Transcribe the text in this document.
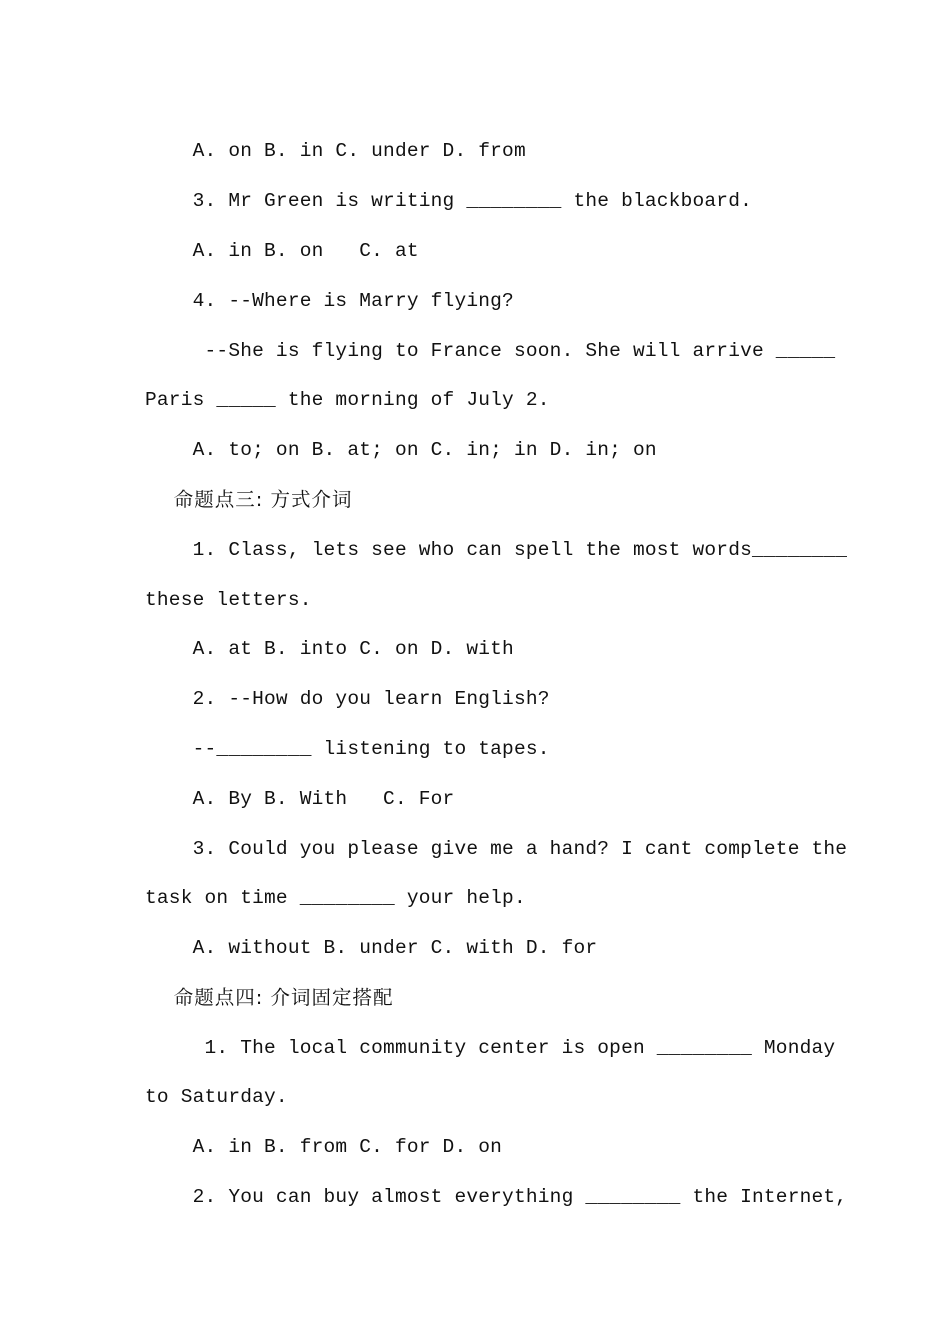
A. on B. in C. under D. from
3. Mr Green is writing ________ the blackboard.
A. in B. on   C. at
4. --Where is Marry flying?
--She is flying to France soon. She will arrive _____
Paris _____ the morning of July 2.
A. to; on B. at; on C. in; in D. in; on
命题点三: 方式介词
1. Class, lets see who can spell the most words________
these letters.
A. at B. into C. on D. with
2. --How do you learn English?
--________ listening to tapes.
A. By B. With   C. For
3. Could you please give me a hand? I cant complete the
task on time ________ your help.
A. without B. under C. with D. for
命题点四: 介词固定搭配
1. The local community center is open ________ Monday
to Saturday.
A. in B. from C. for D. on
2. You can buy almost everything ________ the Internet,
